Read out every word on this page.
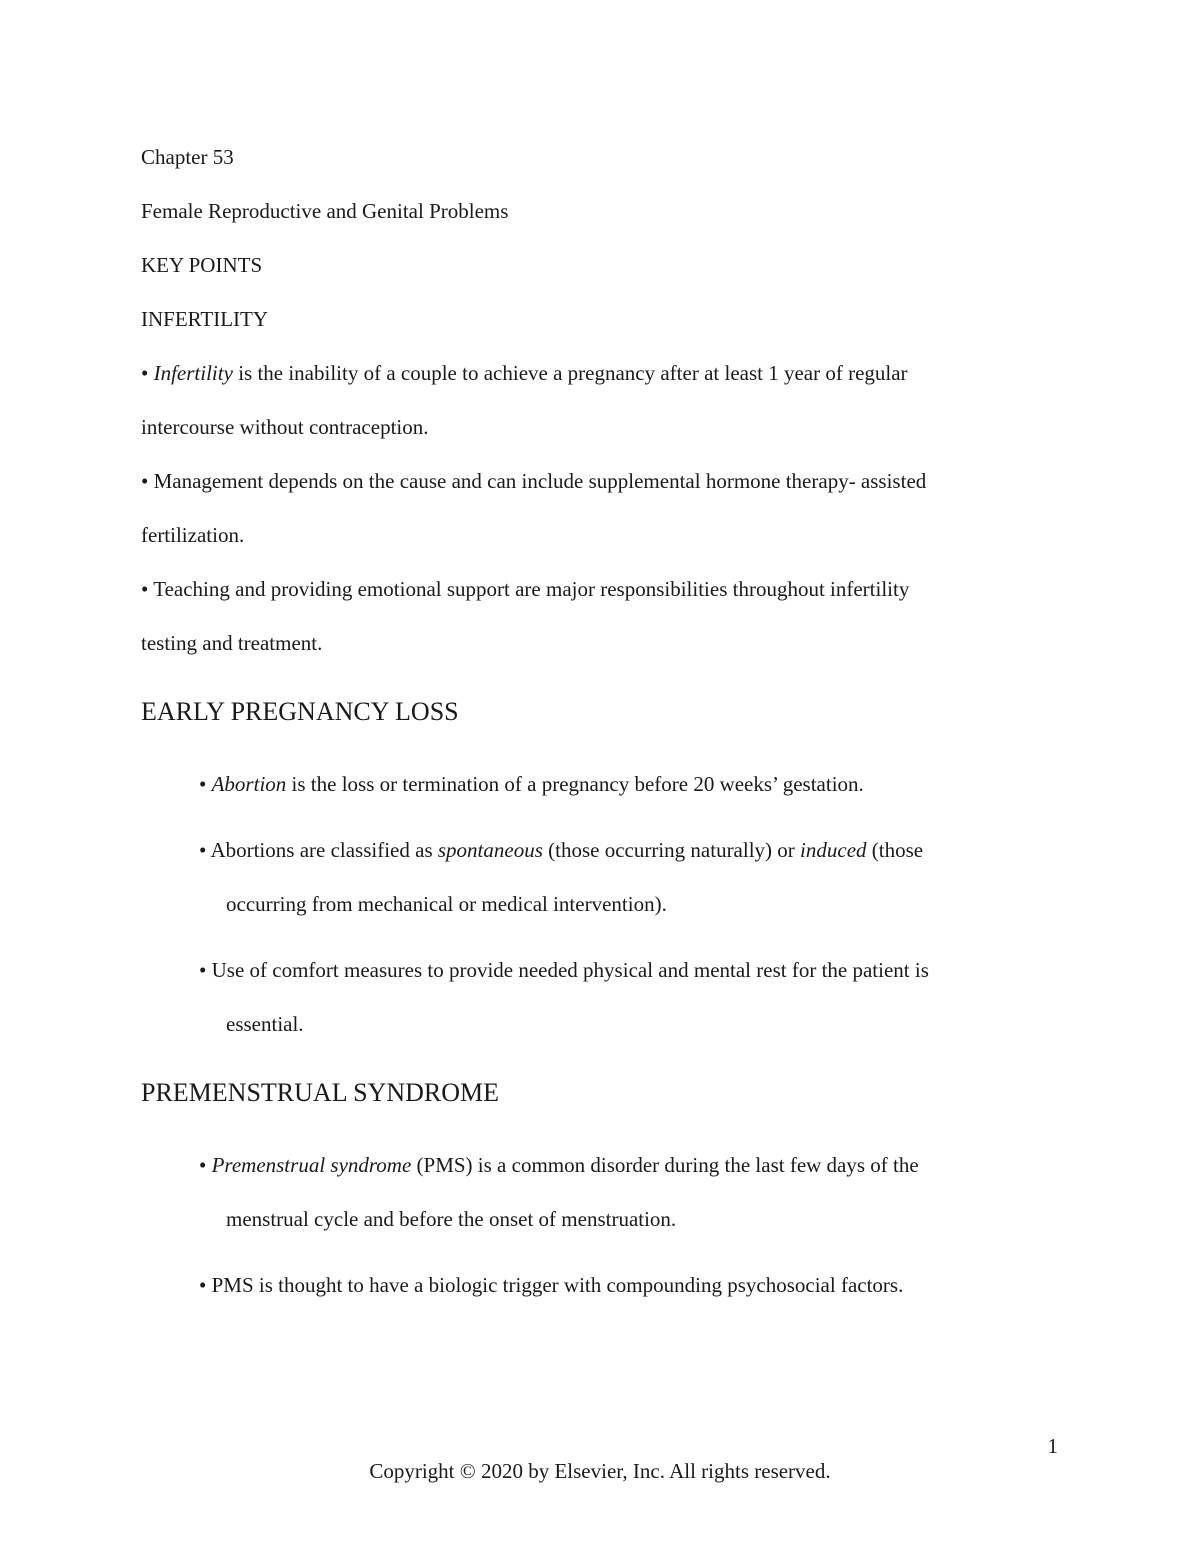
Chapter 53
Female Reproductive and Genital Problems
KEY POINTS
INFERTILITY
• Infertility is the inability of a couple to achieve a pregnancy after at least 1 year of regular
intercourse without contraception.
• Management depends on the cause and can include supplemental hormone therapy- assisted
fertilization.
• Teaching and providing emotional support are major responsibilities throughout infertility
testing and treatment.
EARLY PREGNANCY LOSS
• Abortion is the loss or termination of a pregnancy before 20 weeks’ gestation.
• Abortions are classified as spontaneous (those occurring naturally) or induced (those
occurring from mechanical or medical intervention).
• Use of comfort measures to provide needed physical and mental rest for the patient is
essential.
PREMENSTRUAL SYNDROME
• Premenstrual syndrome (PMS) is a common disorder during the last few days of the
menstrual cycle and before the onset of menstruation.
• PMS is thought to have a biologic trigger with compounding psychosocial factors.
1
Copyright © 2020 by Elsevier, Inc. All rights reserved.
